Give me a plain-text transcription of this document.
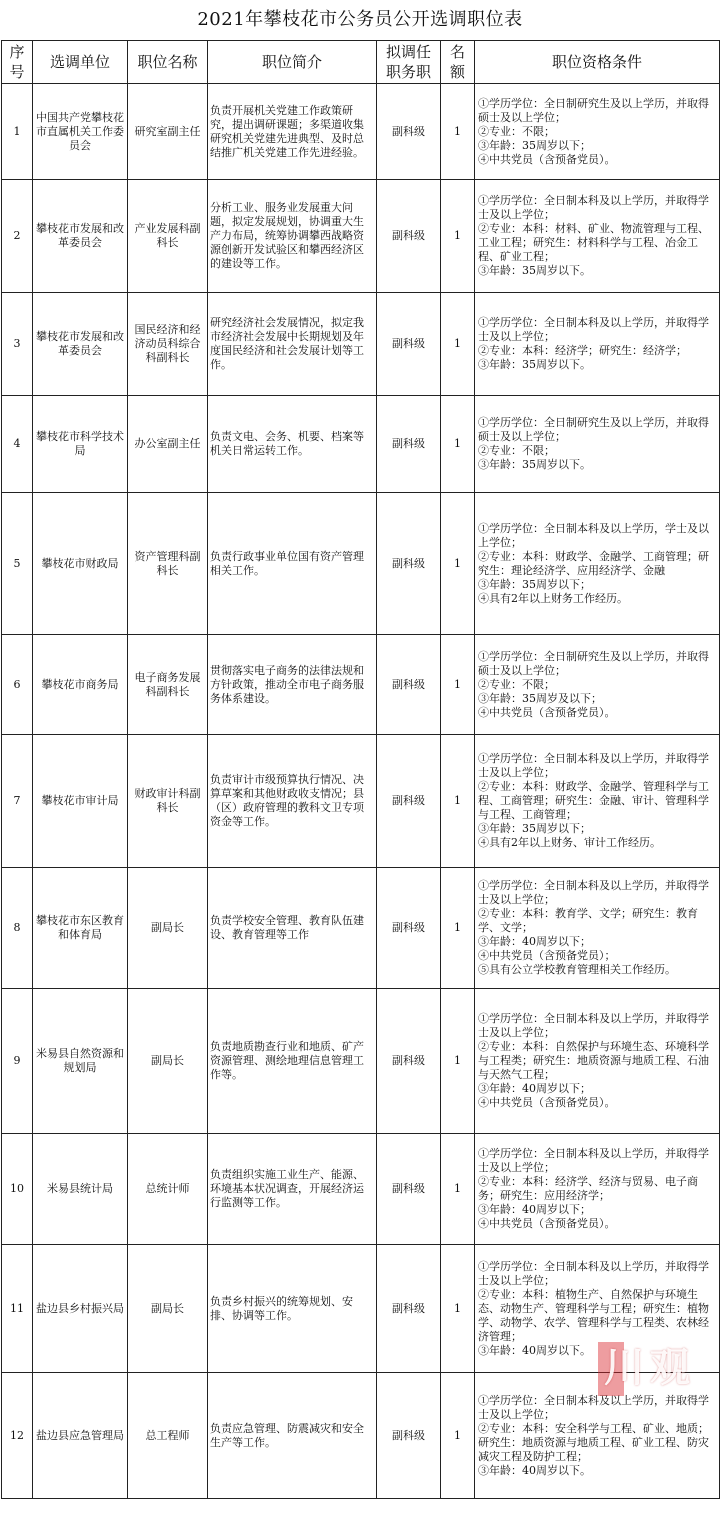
2021年攀枝花市公务员公开选调职位表
序号	选调单位	职位名称	职位简介	拟调任职务职	名额	职位资格条件
1	中国共产党攀枝花市直属机关工作委员会	研究室副主任	负责开展机关党建工作政策研究，提出调研课题；多渠道收集研究机关党建先进典型、及时总结推广机关党建工作先进经验。	副科级	1	①学历学位：全日制研究生及以上学历，并取得硕士及以上学位；
②专业：不限；
③年龄：35周岁以下；
④中共党员（含预备党员）。

2	攀枝花市发展和改革委员会	产业发展科副科长	分析工业、服务业发展重大问题，拟定发展规划，协调重大生产力布局，统筹协调攀西战略资源创新开发试验区和攀西经济区的建设等工作。	副科级	1	①学历学位：全日制本科及以上学历，并取得学士及以上学位；
②专业：本科：材料、矿业、物流管理与工程、工业工程；研究生：材料科学与工程、冶金工程、矿业工程；
③年龄：35周岁以下。

3	攀枝花市发展和改革委员会	国民经济和经济动员科综合科副科长	研究经济社会发展情况，拟定我市经济社会发展中长期规划及年度国民经济和社会发展计划等工作。	副科级	1	①学历学位：全日制本科及以上学历，并取得学士及以上学位；
②专业：本科：经济学；研究生：经济学；
③年龄：35周岁以下。

4	攀枝花市科学技术局	办公室副主任	负责文电、会务、机要、档案等机关日常运转工作。	副科级	1	①学历学位：全日制研究生及以上学历，并取得硕士及以上学位；
②专业：不限；
③年龄：35周岁以下。

5	攀枝花市财政局	资产管理科副科长	负责行政事业单位国有资产管理相关工作。	副科级	1	①学历学位：全日制本科及以上学历，学士及以上学位；
②专业：本科：财政学、金融学、工商管理；研究生：理论经济学、应用经济学、金融
③年龄：35周岁以下；
④具有2年以上财务工作经历。

6	攀枝花市商务局	电子商务发展科副科长	贯彻落实电子商务的法律法规和方针政策，推动全市电子商务服务体系建设。	副科级	1	①学历学位：全日制研究生及以上学历，并取得硕士及以上学位；
②专业：不限；
③年龄：35周岁及以下；
④中共党员（含预备党员）。

7	攀枝花市审计局	财政审计科副科长	负责审计市级预算执行情况、决算草案和其他财政收支情况；县（区）政府管理的教科文卫专项资金等工作。	副科级	1	①学历学位：全日制本科及以上学历，并取得学士及以上学位；
②专业：本科：财政学、金融学、管理科学与工程、工商管理；研究生：金融、审计、管理科学与工程、工商管理；
③年龄：35周岁以下；
④具有2年以上财务、审计工作经历。

8	攀枝花市东区教育和体育局	副局长	负责学校安全管理、教育队伍建设、教育管理等工作	副科级	1	①学历学位：全日制本科及以上学历，并取得学士及以上学位；
②专业：本科：教育学、文学；研究生：教育学、文学；
③年龄：40周岁以下；
④中共党员（含预备党员）；
⑤具有公立学校教育管理相关工作经历。

9	米易县自然资源和规划局	副局长	负责地质勘查行业和地质、矿产资源管理、测绘地理信息管理工作等。	副科级	1	①学历学位：全日制本科及以上学历，并取得学士及以上学位；
②专业：本科：自然保护与环境生态、环境科学与工程类；研究生：地质资源与地质工程、石油与天然气工程；
③年龄：40周岁以下；
④中共党员（含预备党员）。

10	米易县统计局	总统计师	负责组织实施工业生产、能源、环境基本状况调查，开展经济运行监测等工作。	副科级	1	①学历学位：全日制本科及以上学历，并取得学士及以上学位；
②专业：本科：经济学、经济与贸易、电子商务；研究生：应用经济学；
③年龄：40周岁以下；
④中共党员（含预备党员）。

11	盐边县乡村振兴局	副局长	负责乡村振兴的统筹规划、安排、协调等工作。	副科级	1	①学历学位：全日制本科及以上学历，并取得学士及以上学位；
②专业：本科：植物生产、自然保护与环境生态、动物生产、管理科学与工程；研究生：植物学、动物学、农学、管理科学与工程类、农林经济管理；
③年龄：40周岁以下。

12	盐边县应急管理局	总工程师	负责应急管理、防震减灾和安全生产等工作。	副科级	1	①学历学位：全日制本科及以上学历，并取得学士及以上学位；
②专业：本科：安全科学与工程、矿业、地质；研究生：地质资源与地质工程、矿业工程、防灾减灾工程及防护工程；
③年龄：40周岁以下。
川观
